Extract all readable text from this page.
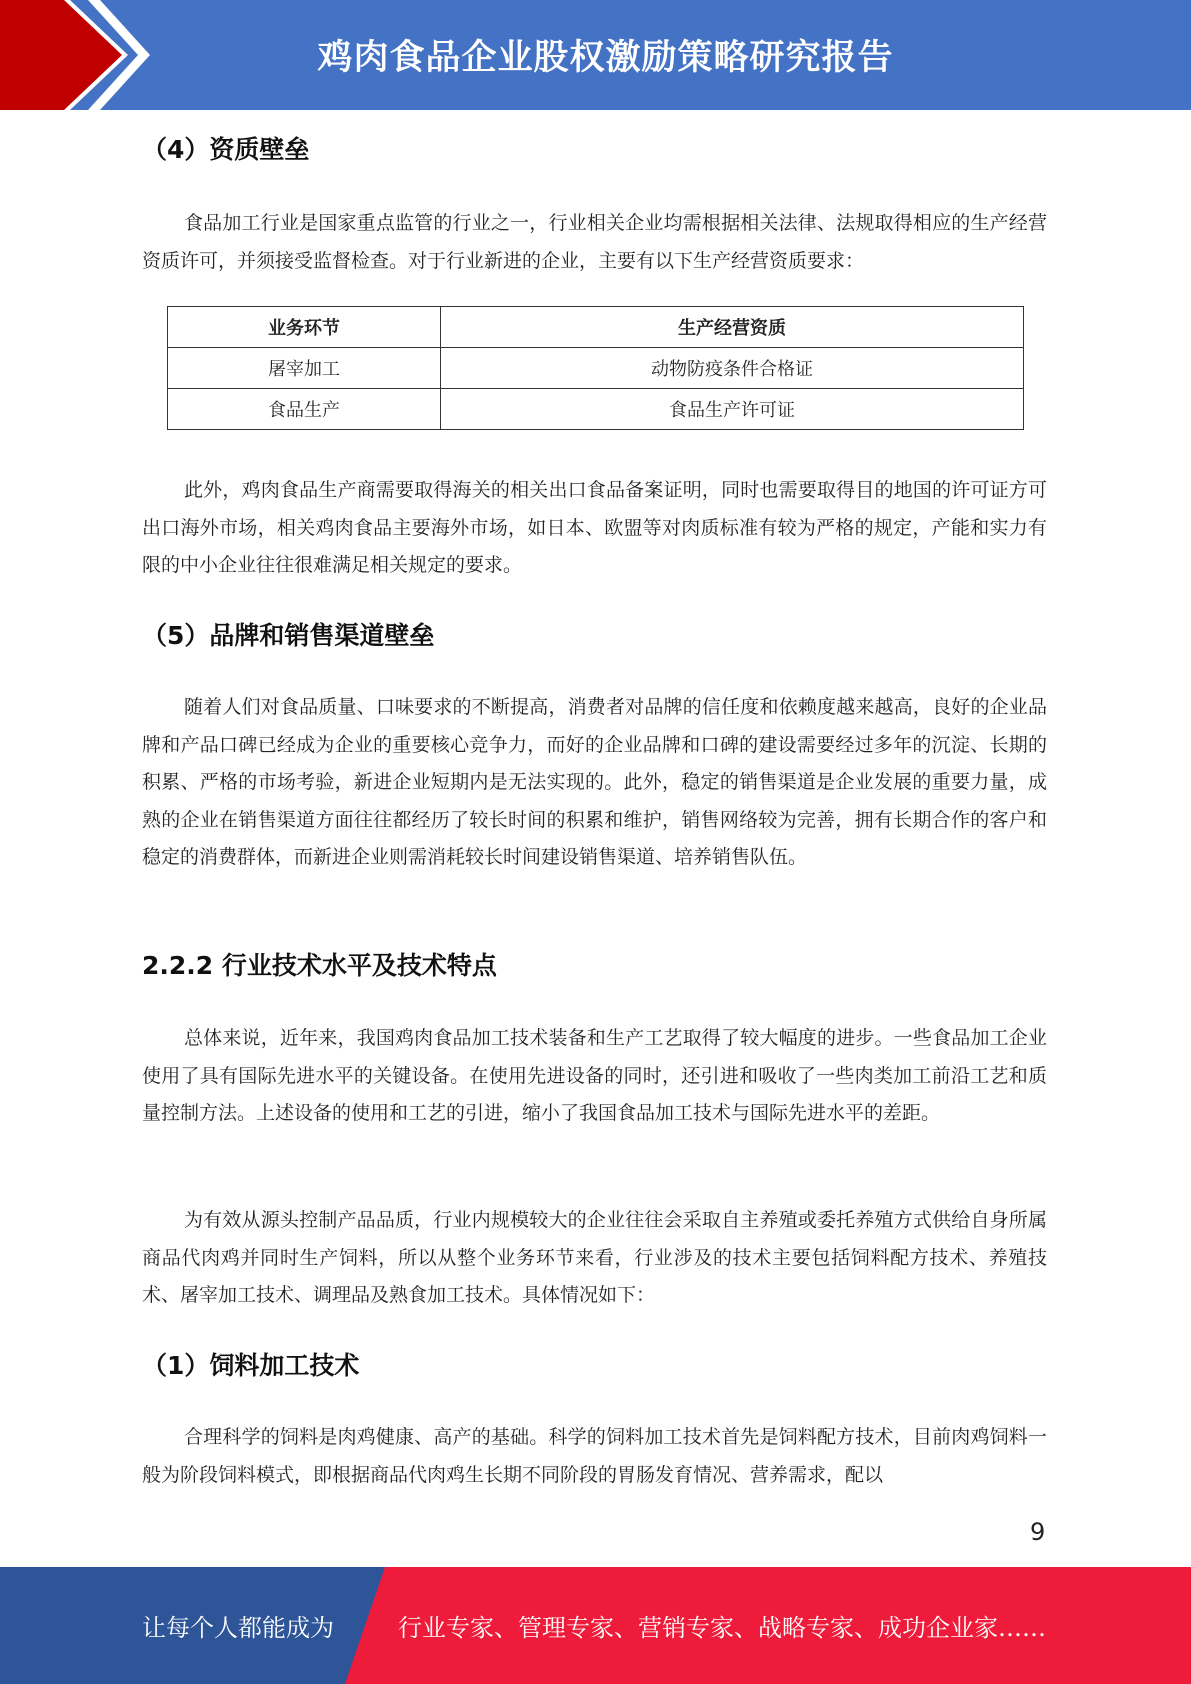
鸡肉食品企业股权激励策略研究报告
（4）资质壁垒

食品加工行业是国家重点监管的行业之一，行业相关企业均需根据相关法律、法规取得相应的生产经营资质许可，并须接受监督检查。对于行业新进的企业，主要有以下生产经营资质要求：

业务环节	生产经营资质
屠宰加工	动物防疫条件合格证
食品生产	食品生产许可证

此外，鸡肉食品生产商需要取得海关的相关出口食品备案证明，同时也需要取得目的地国的许可证方可出口海外市场，相关鸡肉食品主要海外市场，如日本、欧盟等对肉质标准有较为严格的规定，产能和实力有限的中小企业往往很难满足相关规定的要求。

（5）品牌和销售渠道壁垒

随着人们对食品质量、口味要求的不断提高，消费者对品牌的信任度和依赖度越来越高，良好的企业品牌和产品口碑已经成为企业的重要核心竞争力，而好的企业品牌和口碑的建设需要经过多年的沉淀、长期的积累、严格的市场考验，新进企业短期内是无法实现的。此外，稳定的销售渠道是企业发展的重要力量，成熟的企业在销售渠道方面往往都经历了较长时间的积累和维护，销售网络较为完善，拥有长期合作的客户和稳定的消费群体，而新进企业则需消耗较长时间建设销售渠道、培养销售队伍。

2.2.2 行业技术水平及技术特点

总体来说，近年来，我国鸡肉食品加工技术装备和生产工艺取得了较大幅度的进步。一些食品加工企业使用了具有国际先进水平的关键设备。在使用先进设备的同时，还引进和吸收了一些肉类加工前沿工艺和质量控制方法。上述设备的使用和工艺的引进，缩小了我国食品加工技术与国际先进水平的差距。

为有效从源头控制产品品质，行业内规模较大的企业往往会采取自主养殖或委托养殖方式供给自身所属商品代肉鸡并同时生产饲料，所以从整个业务环节来看，行业涉及的技术主要包括饲料配方技术、养殖技术、屠宰加工技术、调理品及熟食加工技术。具体情况如下：

（1）饲料加工技术

合理科学的饲料是肉鸡健康、高产的基础。科学的饲料加工技术首先是饲料配方技术，目前肉鸡饲料一般为阶段饲料模式，即根据商品代肉鸡生长期不同阶段的胃肠发育情况、营养需求，配以

9
让每个人都能成为	行业专家、管理专家、营销专家、战略专家、成功企业家……
